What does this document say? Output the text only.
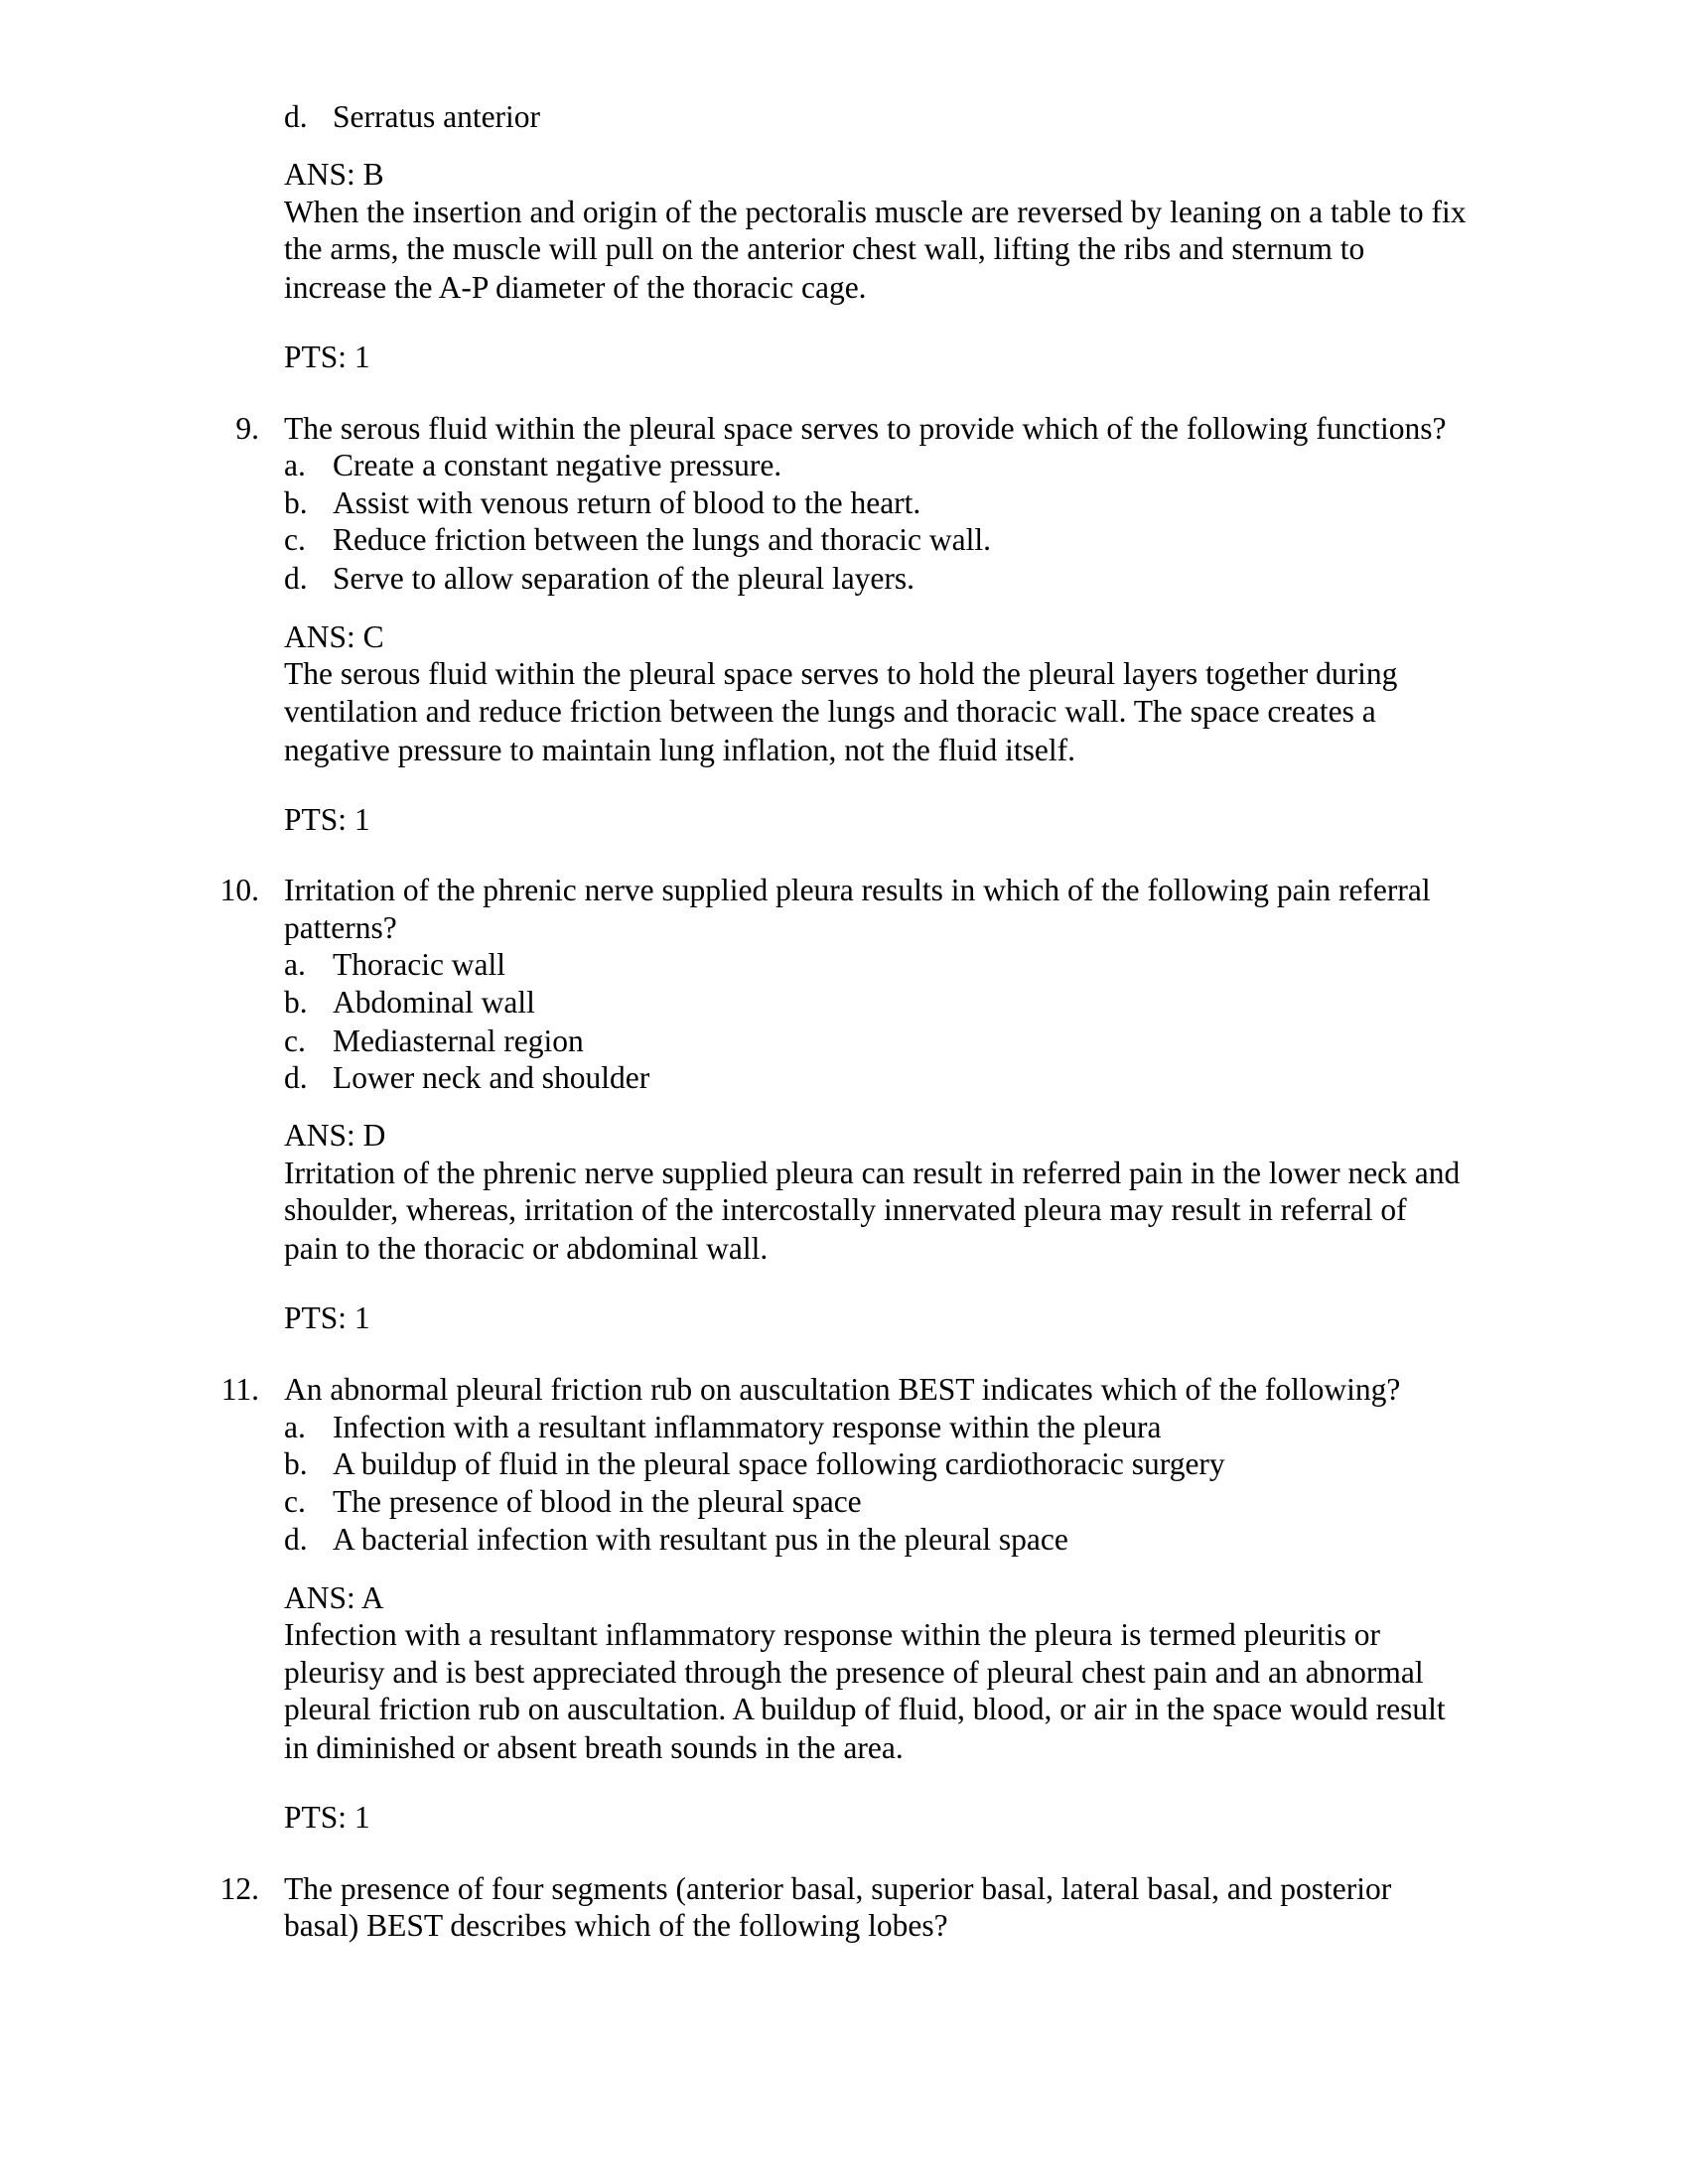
d. Serratus anterior
ANS: B
When the insertion and origin of the pectoralis muscle are reversed by leaning on a table to fix
the arms, the muscle will pull on the anterior chest wall, lifting the ribs and sternum to
increase the A-P diameter of the thoracic cage.
PTS: 1
9. The serous fluid within the pleural space serves to provide which of the following functions?
a. Create a constant negative pressure.
b. Assist with venous return of blood to the heart.
c. Reduce friction between the lungs and thoracic wall.
d. Serve to allow separation of the pleural layers.
ANS: C
The serous fluid within the pleural space serves to hold the pleural layers together during
ventilation and reduce friction between the lungs and thoracic wall. The space creates a
negative pressure to maintain lung inflation, not the fluid itself.
PTS: 1
10. Irritation of the phrenic nerve supplied pleura results in which of the following pain referral
patterns?
a. Thoracic wall
b. Abdominal wall
c. Mediasternal region
d. Lower neck and shoulder
ANS: D
Irritation of the phrenic nerve supplied pleura can result in referred pain in the lower neck and
shoulder, whereas, irritation of the intercostally innervated pleura may result in referral of
pain to the thoracic or abdominal wall.
PTS: 1
11. An abnormal pleural friction rub on auscultation BEST indicates which of the following?
a. Infection with a resultant inflammatory response within the pleura
b. A buildup of fluid in the pleural space following cardiothoracic surgery
c. The presence of blood in the pleural space
d. A bacterial infection with resultant pus in the pleural space
ANS: A
Infection with a resultant inflammatory response within the pleura is termed pleuritis or
pleurisy and is best appreciated through the presence of pleural chest pain and an abnormal
pleural friction rub on auscultation. A buildup of fluid, blood, or air in the space would result
in diminished or absent breath sounds in the area.
PTS: 1
12. The presence of four segments (anterior basal, superior basal, lateral basal, and posterior
basal) BEST describes which of the following lobes?
